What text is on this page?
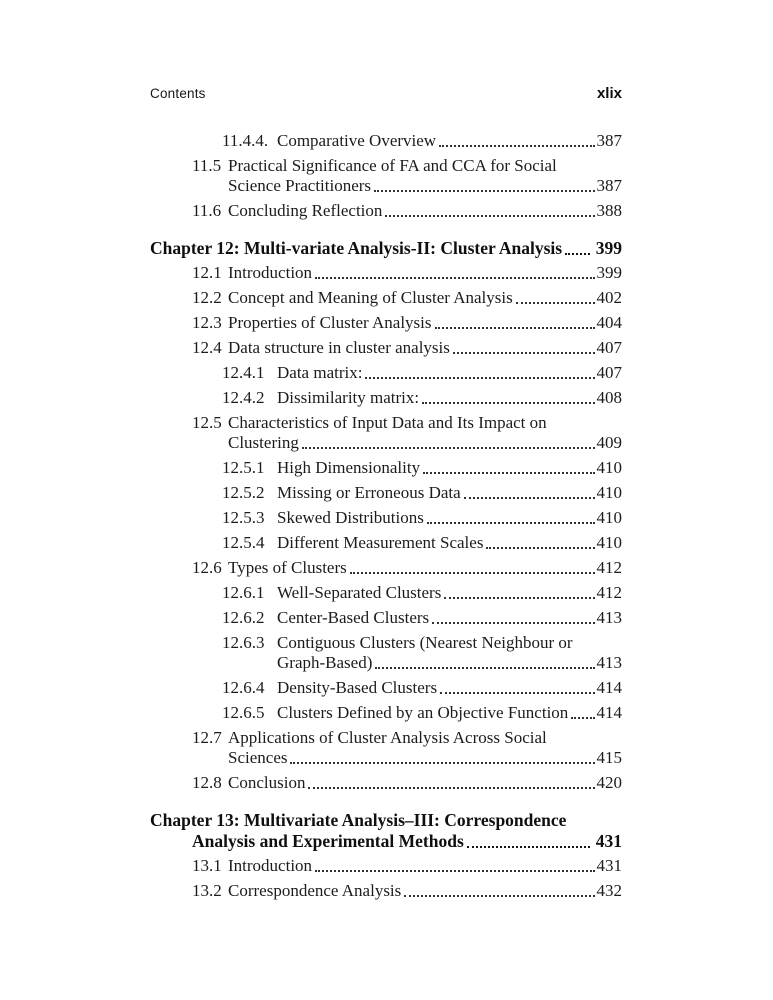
Contents	xlix
11.4.4. Comparative Overview	387
11.5 Practical Significance of FA and CCA for Social
Science Practitioners	387
11.6 Concluding Reflection	388
Chapter 12: Multi-variate Analysis-II: Cluster Analysis 399
12.1 Introduction	399
12.2 Concept and Meaning of Cluster Analysis	402
12.3 Properties of Cluster Analysis	404
12.4 Data structure in cluster analysis	407
12.4.1 Data matrix:	407
12.4.2 Dissimilarity matrix:	408
12.5 Characteristics of Input Data and Its Impact on
Clustering	409
12.5.1 High Dimensionality	410
12.5.2 Missing or Erroneous Data	410
12.5.3 Skewed Distributions	410
12.5.4 Different Measurement Scales	410
12.6 Types of Clusters	412
12.6.1 Well-Separated Clusters	412
12.6.2 Center-Based Clusters	413
12.6.3 Contiguous Clusters (Nearest Neighbour or
Graph-Based)	413
12.6.4 Density-Based Clusters	414
12.6.5 Clusters Defined by an Objective Function 414
12.7 Applications of Cluster Analysis Across Social
Sciences	415
12.8 Conclusion	420
Chapter 13: Multivariate Analysis–III: Correspondence
Analysis and Experimental Methods	431
13.1 Introduction	431
13.2 Correspondence Analysis	432
